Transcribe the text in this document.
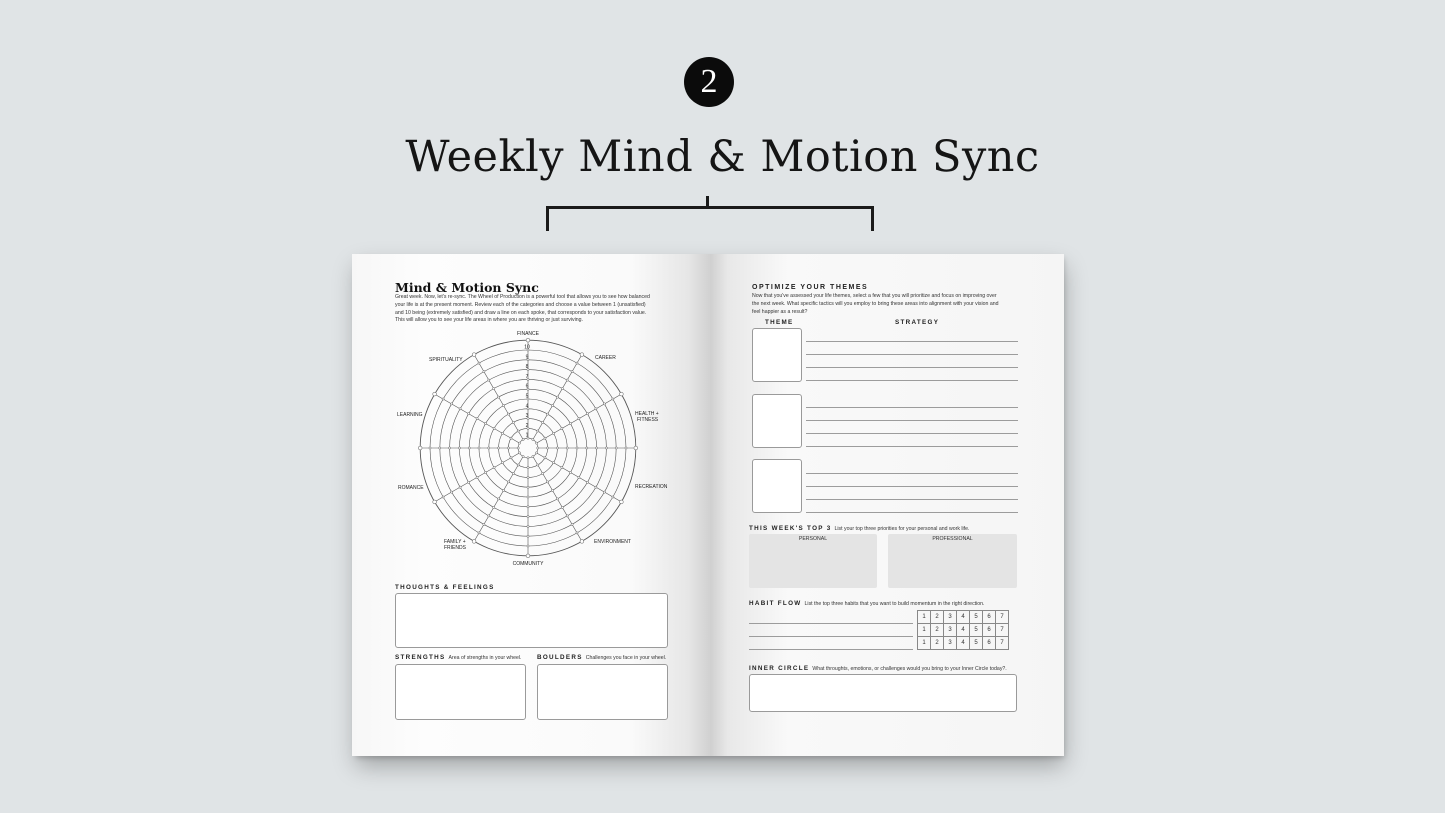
2
Weekly Mind & Motion Sync
Mind & Motion Sync
Great week. Now, let's re-sync. The Wheel of Production is a powerful tool that allows you to see how balanced
your life is at the present moment. Review each of the categories and choose a value between 1 (unsatisfied)
and 10 being (extremely satisfied) and draw a line on each spoke, that corresponds to your satisfaction value.
This will allow you to see your life areas in where you are thriving or just surviving.
10
9
8
7
6
5
4
3
2
1
FINANCE
CAREER
HEALTH +
FITNESS
RECREATION
ENVIRONMENT
COMMUNITY
FAMILY +
FRIENDS
ROMANCE
LEARNING
SPIRITUALITY
THOUGHTS & FEELINGS
STRENGTHS Area of strengths in your wheel. BOULDERS Challenges you face in your wheel.
OPTIMIZE YOUR THEMES
Now that you've assessed your life themes, select a few that you will prioritize and focus on improving over
the next week. What specific tactics will you employ to bring these areas into alignment with your vision and
feel happier as a result?
THEME	STRATEGY
THIS WEEK'S TOP 3 List your top three priorities for your personal and work life.
PERSONAL	PROFESSIONAL
HABIT FLOW List the top three habits that you want to build momentum in the right direction.
1	2	3	4	5	6	7
1	2	3	4	5	6	7
1	2	3	4	5	6	7
INNER CIRCLE What throughts, emotions, or challenges would you bring to your Inner Circle today?.
